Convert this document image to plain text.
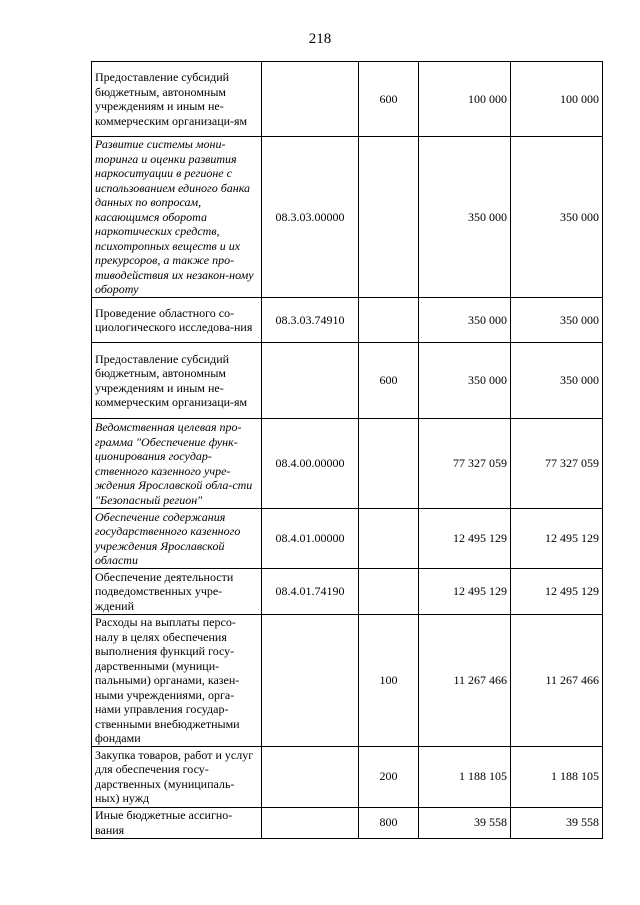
218
Предоставление субсидий бюджетным, автономным учреждениям и иным не-коммерческим организаци-ям		600	100 000	100 000
Развитие системы мони-торинга и оценки развития наркоситуации в регионе с использованием единого банка данных по вопросам, касающимся оборота наркотических средств, психотропных веществ и их прекурсоров, а также про-тиводействия их незакон-ному обороту	08.3.03.00000		350 000	350 000
Проведение областного со-циологического исследова-ния	08.3.03.74910		350 000	350 000
Предоставление субсидий бюджетным, автономным учреждениям и иным не-коммерческим организаци-ям		600	350 000	350 000
Ведомственная целевая про-грамма "Обеспечение функ-ционирования государ-ственного казенного учре-ждения Ярославской обла-сти "Безопасный регион"	08.4.00.00000		77 327 059	77 327 059
Обеспечение содержания государственного казенного учреждения Ярославской области	08.4.01.00000		12 495 129	12 495 129
Обеспечение деятельности подведомственных учре-ждений	08.4.01.74190		12 495 129	12 495 129
Расходы на выплаты персо-налу в целях обеспечения выполнения функций госу-дарственными (муници-пальными) органами, казен-ными учреждениями, орга-нами управления государ-ственными внебюджетными фондами		100	11 267 466	11 267 466
Закупка товаров, работ и услуг для обеспечения госу-дарственных (муниципаль-ных) нужд		200	1 188 105	1 188 105
Иные бюджетные ассигно-вания		800	39 558	39 558
